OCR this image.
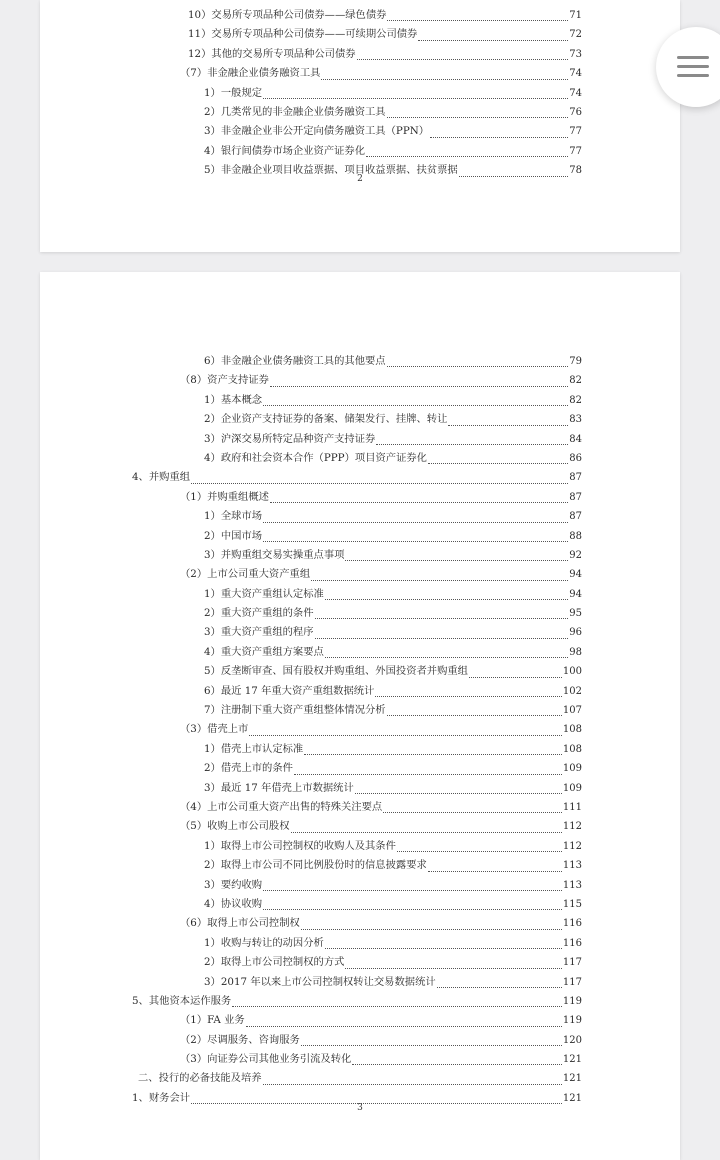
10）交易所专项品种公司债券——绿色债券	71
11）交易所专项品种公司债券——可续期公司债券	72
12）其他的交易所专项品种公司债券	73
（7）非金融企业债务融资工具	74
1）一般规定	74
2）几类常见的非金融企业债务融资工具	76
3）非金融企业非公开定向债务融资工具（PPN）	77
4）银行间债券市场企业资产证券化	77
5）非金融企业项目收益票据、项目收益票据、扶贫票据	78
2
6）非金融企业债务融资工具的其他要点	79
（8）资产支持证券	82
1）基本概念	82
2）企业资产支持证券的备案、储架发行、挂牌、转让	83
3）沪深交易所特定品种资产支持证券	84
4）政府和社会资本合作（PPP）项目资产证券化	86
4、并购重组	87
（1）并购重组概述	87
1）全球市场	87
2）中国市场	88
3）并购重组交易实操重点事项	92
（2）上市公司重大资产重组	94
1）重大资产重组认定标准	94
2）重大资产重组的条件	95
3）重大资产重组的程序	96
4）重大资产重组方案要点	98
5）反垄断审查、国有股权并购重组、外国投资者并购重组	100
6）最近 17 年重大资产重组数据统计	102
7）注册制下重大资产重组整体情况分析	107
（3）借壳上市	108
1）借壳上市认定标准	108
2）借壳上市的条件	109
3）最近 17 年借壳上市数据统计	109
（4）上市公司重大资产出售的特殊关注要点	111
（5）收购上市公司股权	112
1）取得上市公司控制权的收购人及其条件	112
2）取得上市公司不同比例股份时的信息披露要求	113
3）要约收购	113
4）协议收购	115
（6）取得上市公司控制权	116
1）收购与转让的动因分析	116
2）取得上市公司控制权的方式	117
3）2017 年以来上市公司控制权转让交易数据统计	117
5、其他资本运作服务	119
（1）FA 业务	119
（2）尽调服务、咨询服务	120
（3）向证券公司其他业务引流及转化	121
二、投行的必备技能及培养	121
1、财务会计	121
3
